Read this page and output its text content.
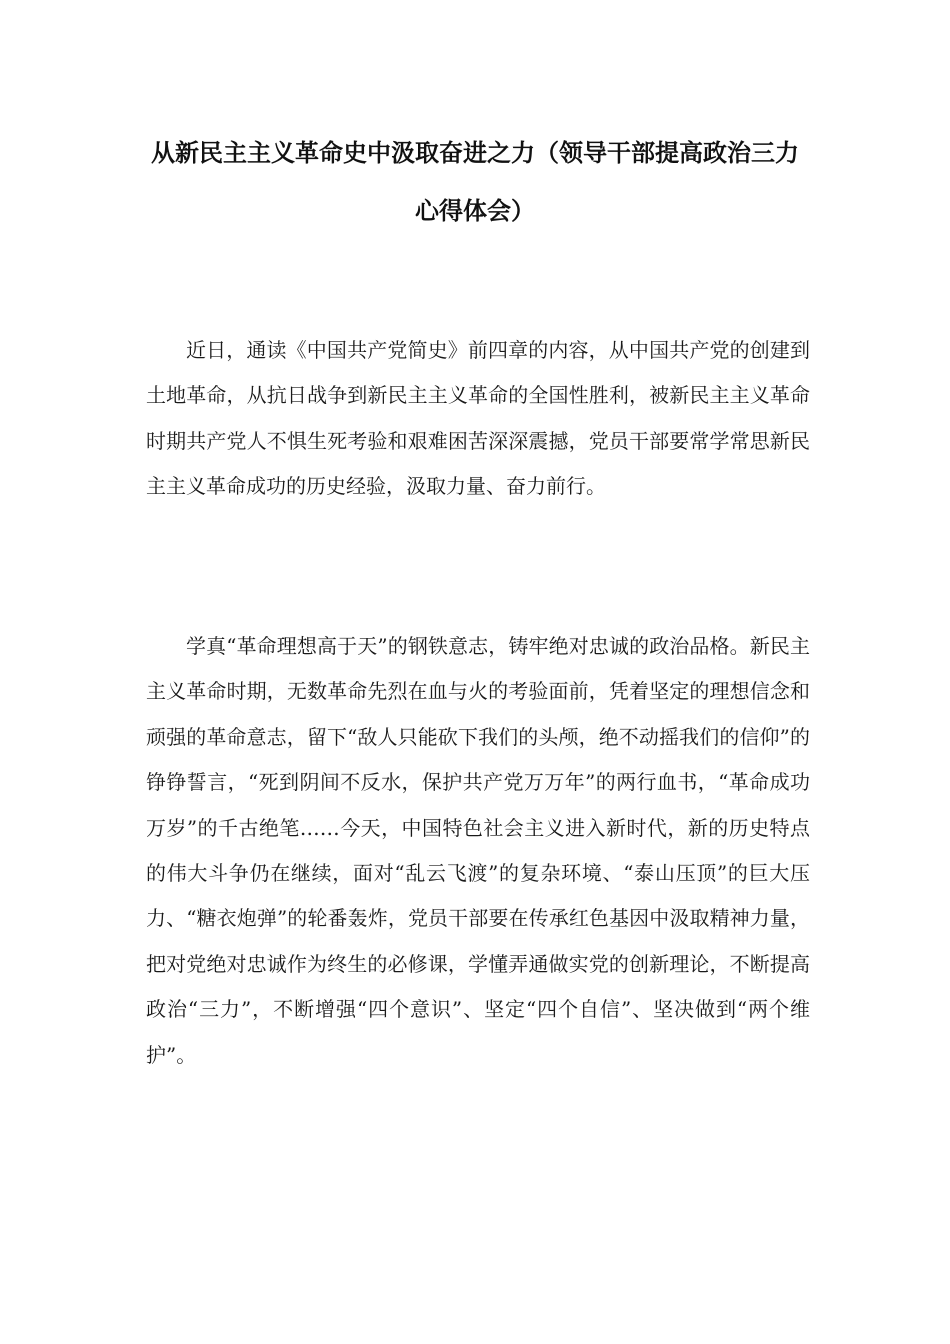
从新民主主义革命史中汲取奋进之力（领导干部提高政治三力心得体会）

近日，通读《中国共产党简史》前四章的内容，从中国共产党的创建到土地革命，从抗日战争到新民主主义革命的全国性胜利，被新民主主义革命时期共产党人不惧生死考验和艰难困苦深深震撼，党员干部要常学常思新民主主义革命成功的历史经验，汲取力量、奋力前行。

学真“革命理想高于天”的钢铁意志，铸牢绝对忠诚的政治品格。新民主主义革命时期，无数革命先烈在血与火的考验面前，凭着坚定的理想信念和顽强的革命意志，留下“敌人只能砍下我们的头颅，绝不动摇我们的信仰”的铮铮誓言，“死到阴间不反水，保护共产党万万年”的两行血书，“革命成功万岁”的千古绝笔……今天，中国特色社会主义进入新时代，新的历史特点的伟大斗争仍在继续，面对“乱云飞渡”的复杂环境、“泰山压顶”的巨大压力、“糖衣炮弹”的轮番轰炸，党员干部要在传承红色基因中汲取精神力量，把对党绝对忠诚作为终生的必修课，学懂弄通做实党的创新理论，不断提高政治“三力”，不断增强“四个意识”、坚定“四个自信”、坚决做到“两个维护”。
